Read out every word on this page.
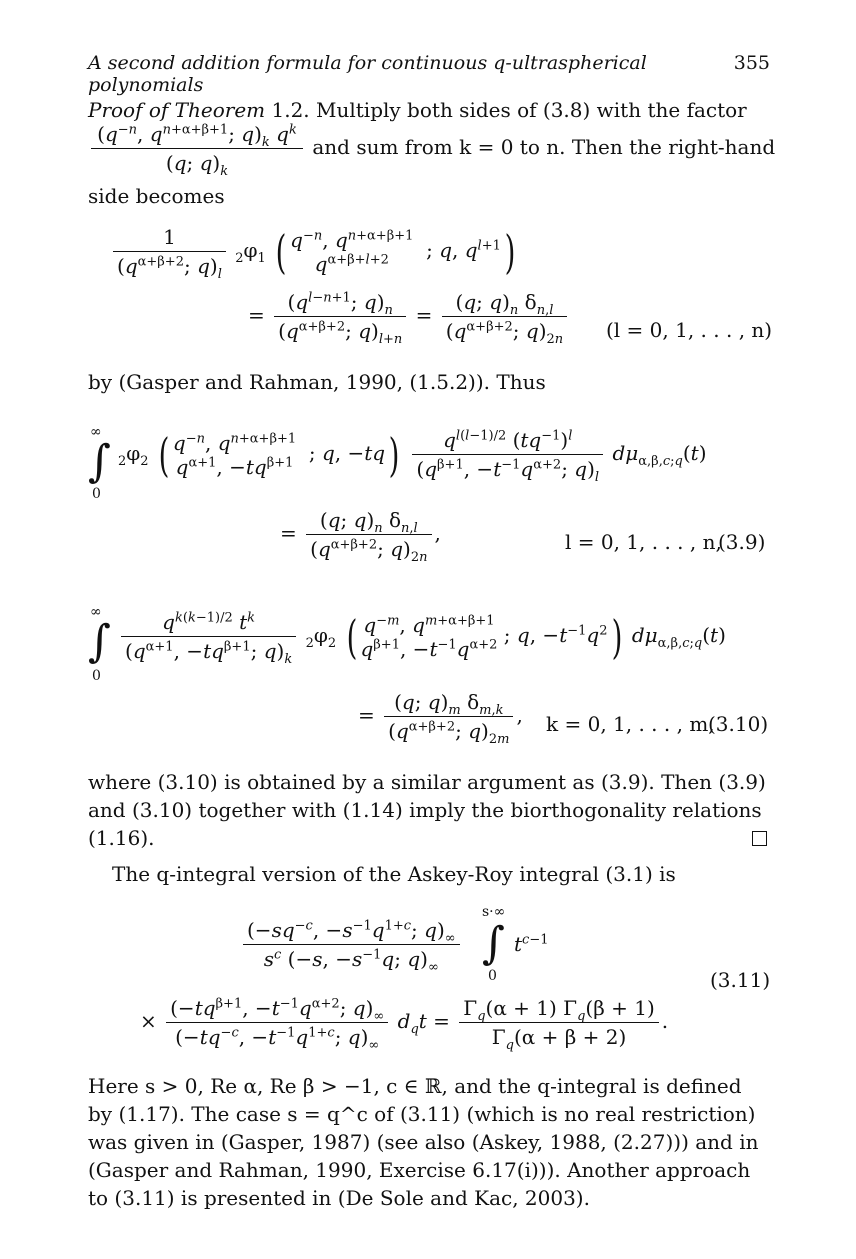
A second addition formula for continuous q-ultraspherical polynomials
355
Proof of Theorem 1.2. Multiply both sides of (3.8) with the factor
$\frac{(q^{-n}, q^{n+\alpha+\beta+1}; q)_k q^k}{(q; q)_k}$ and sum from k = 0 to n. Then the right-hand
side becomes
$\frac{1}{(q^{\alpha+\beta+2}; q)_l} _2\varphi_1$ ( $q^{-n}$, $q^{n+\alpha+\beta+1}$
$q^{\alpha+\beta+l+2}$  ; q, $q^{l+1}$)
= $\frac{(q^{l-n+1}; q)_n}{(q^{\alpha+\beta+2}; q)_{l+n}} = \frac{(q; q)_n \delta_{n,l}}{(q^{\alpha+\beta+2}; q)_{2n}} (l = 0$, 1, . . . , n)
by (Gasper and Rahman, 1990, (1.5.2)). Thus
∞
∫
0
$_2\varphi_2$ ( $q^{-n}$, $q^{n+\alpha+\beta+1}$
$q^{\alpha+1}$, $-tq^{\beta+1}$  ; q, $-tq) \frac{q^{l(l-1)/2} (tq^{-1})^l}{(q^{\beta+1}, -t^{-1}q^{\alpha+2}; q)_l} d\mu_{\alpha,\beta,c;q}(t)$
= $\frac{(q; q)_n \delta_{n,l}}{(q^{\alpha+\beta+2}; q)_{2n}}$ ,	l = 0, 1, . . . , n,
(3.9)
∞
∫
0
$\frac{q^{k(k-1)/2} t^k}{(q^{\alpha+1}, -tq^{\beta+1}; q)_k} _2\varphi_2$ ( $q^{-m}$, $q^{m+\alpha+\beta+1}$
$q^{\beta+1}$, $-t^{-1}q^{\alpha+2}$ ; q, $-t^{-1}q^2$) $d\mu_{\alpha,\beta,c;q}(t)$
= $\frac{(q; q)_m \delta_{m,k}}{(q^{\alpha+\beta+2}; q)_{2m}}$ , k = 0, 1, . . . , m,
(3.10)
where (3.10) is obtained by a similar argument as (3.9). Then (3.9) and (3.10) together with (1.14) imply the biorthogonality relations (1.16).
The q-integral version of the Askey-Roy integral (3.1) is
$\frac{(-sq^{-c}, -s^{-1}q^{1+c}; q)_\infty}{s^c (-s, -s^{-1}q; q)_\infty}$
s·∞
∫
0
$t^{c-1}$
(3.11)
× $\frac{(-tq^{\beta+1}, -t^{-1}q^{\alpha+2}; q)_\infty}{(-tq^{-c}, -t^{-1}q^{1+c}; q)_\infty} d_qt = \frac{\Gamma_q(\alpha + 1) \Gamma_q(\beta + 1)}{\Gamma_q(\alpha + \beta + 2)}$ .
Here s > 0, Re α, Re β > −1, c ∈ ℝ, and the q-integral is defined by (1.17). The case s = q^c of (3.11) (which is no real restriction) was given in (Gasper, 1987) (see also (Askey, 1988, (2.27))) and in (Gasper and Rahman, 1990, Exercise 6.17(i))). Another approach to (3.11) is presented in (De Sole and Kac, 2003).
